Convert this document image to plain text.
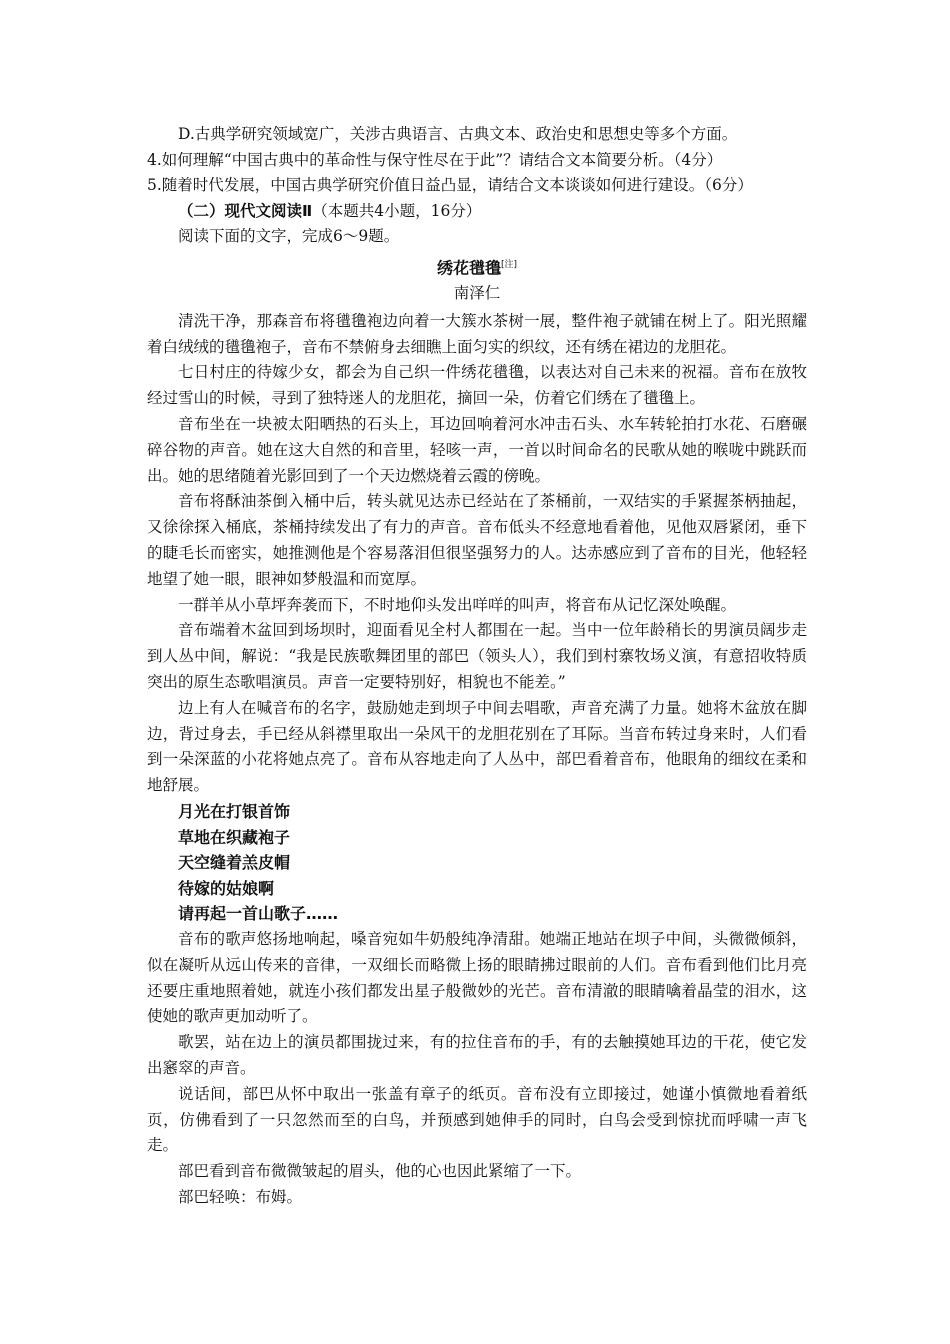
D.古典学研究领域宽广，关涉古典语言、古典文本、政治史和思想史等多个方面。

4.如何理解“中国古典中的革命性与保守性尽在于此”？请结合文本简要分析。（4分）

5.随着时代发展，中国古典学研究价值日益凸显，请结合文本谈谈如何进行建设。（6分）

（二）现代文阅读Ⅱ（本题共4小题，16分）

阅读下面的文字，完成6～9题。

绣花氆氇[注]

南泽仁

清洗干净，那森音布将氆氇袍边向着一大簇水茶树一展，整件袍子就铺在树上了。阳光照耀着白绒绒的氆氇袍子，音布不禁俯身去细瞧上面匀实的织纹，还有绣在裙边的龙胆花。

七日村庄的待嫁少女，都会为自己织一件绣花氆氇，以表达对自己未来的祝福。音布在放牧经过雪山的时候，寻到了独特迷人的龙胆花，摘回一朵，仿着它们绣在了氆氇上。

音布坐在一块被太阳晒热的石头上，耳边回响着河水冲击石头、水车转轮拍打水花、石磨碾碎谷物的声音。她在这大自然的和音里，轻咳一声，一首以时间命名的民歌从她的喉咙中跳跃而出。她的思绪随着光影回到了一个天边燃烧着云霞的傍晚。

音布将酥油茶倒入桶中后，转头就见达赤已经站在了茶桶前，一双结实的手紧握茶柄抽起，又徐徐探入桶底，茶桶持续发出了有力的声音。音布低头不经意地看着他，见他双唇紧闭，垂下的睫毛长而密实，她推测他是个容易落泪但很坚强努力的人。达赤感应到了音布的目光，他轻轻地望了她一眼，眼神如梦般温和而宽厚。

一群羊从小草坪奔袭而下，不时地仰头发出咩咩的叫声，将音布从记忆深处唤醒。

音布端着木盆回到场坝时，迎面看见全村人都围在一起。当中一位年龄稍长的男演员阔步走到人丛中间，解说：“我是民族歌舞团里的部巴（领头人），我们到村寨牧场义演，有意招收特质突出的原生态歌唱演员。声音一定要特别好，相貌也不能差。”

边上有人在喊音布的名字，鼓励她走到坝子中间去唱歌，声音充满了力量。她将木盆放在脚边，背过身去，手已经从斜襟里取出一朵风干的龙胆花别在了耳际。当音布转过身来时，人们看到一朵深蓝的小花将她点亮了。音布从容地走向了人丛中，部巴看着音布，他眼角的细纹在柔和地舒展。

月光在打银首饰

草地在织藏袍子

天空缝着羔皮帽

待嫁的姑娘啊

请再起一首山歌子……

音布的歌声悠扬地响起，嗓音宛如牛奶般纯净清甜。她端正地站在坝子中间，头微微倾斜，似在凝听从远山传来的音律，一双细长而略微上扬的眼睛拂过眼前的人们。音布看到他们比月亮还要庄重地照着她，就连小孩们都发出星子般微妙的光芒。音布清澈的眼睛噙着晶莹的泪水，这使她的歌声更加动听了。

歌罢，站在边上的演员都围拢过来，有的拉住音布的手，有的去触摸她耳边的干花，使它发出窸窣的声音。

说话间，部巴从怀中取出一张盖有章子的纸页。音布没有立即接过，她谨小慎微地看着纸页，仿佛看到了一只忽然而至的白鸟，并预感到她伸手的同时，白鸟会受到惊扰而呼啸一声飞走。

部巴看到音布微微皱起的眉头，他的心也因此紧缩了一下。

部巴轻唤：布姆。
